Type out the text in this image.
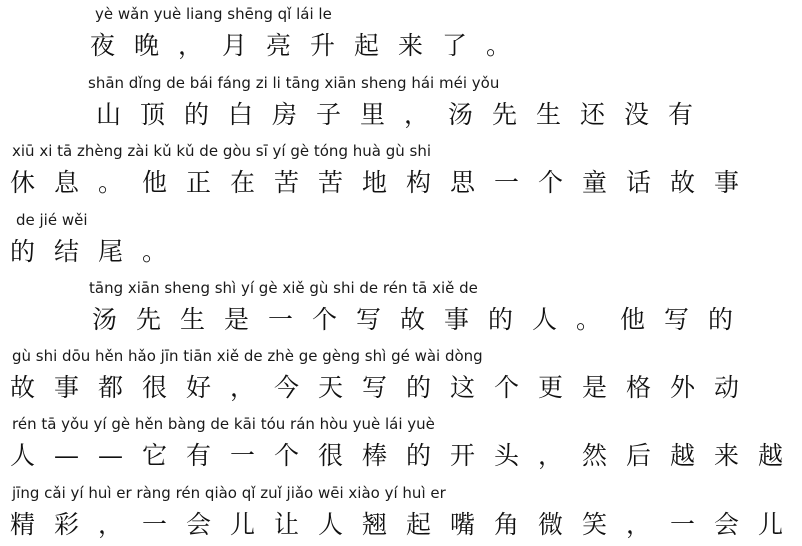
yè wǎn yuè liang shēng qǐ lái le
夜晚，月亮升起来了。
shān dǐng de bái fáng zi li tāng xiān sheng hái méi yǒu
山顶的白房子里，汤先生还没有
xiū xi tā zhèng zài kǔ kǔ de gòu sī yí gè tóng huà gù shi
休息。他正在苦苦地构思一个童话故事
de jié wěi
的结尾。
tāng xiān sheng shì yí gè xiě gù shi de rén tā xiě de
汤先生是一个写故事的人。他写的
gù shi dōu hěn hǎo jīn tiān xiě de zhè ge gèng shì gé wài dòng
故事都很好，今天写的这个更是格外动
rén tā yǒu yí gè hěn bàng de kāi tóu rán hòu yuè lái yuè
人——它有一个很棒的开头，然后越来越
jīng cǎi yí huì er ràng rén qiào qǐ zuǐ jiǎo wēi xiào yí huì er
精彩，一会儿让人翘起嘴角微笑，一会儿
